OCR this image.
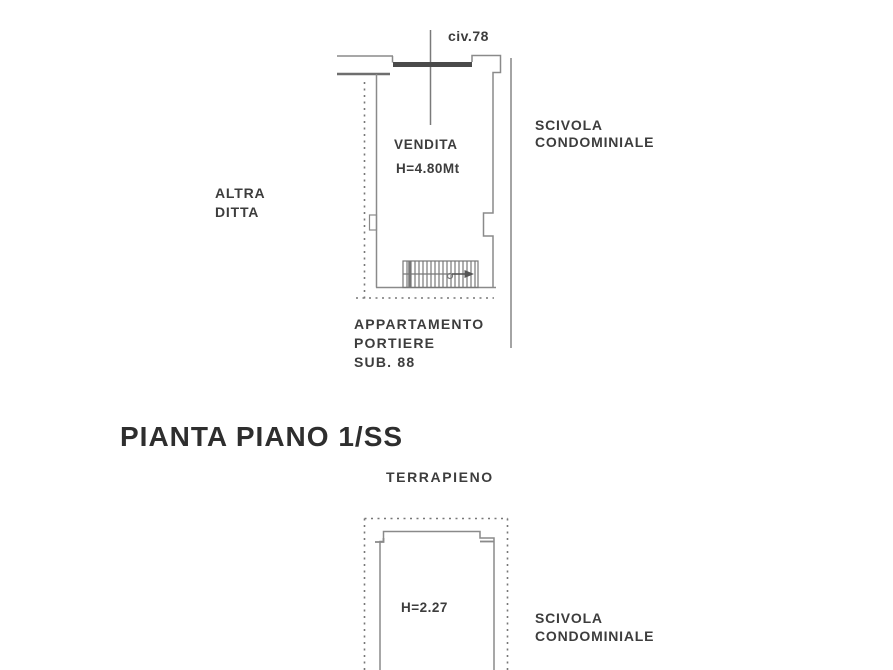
civ.78
VENDITA
H=4.80Mt
SCIVOLA
CONDOMINIALE
ALTRA
DITTA
APPARTAMENTO
PORTIERE
SUB. 88
PIANTA PIANO 1/SS
TERRAPIENO
H=2.27
SCIVOLA
CONDOMINIALE
